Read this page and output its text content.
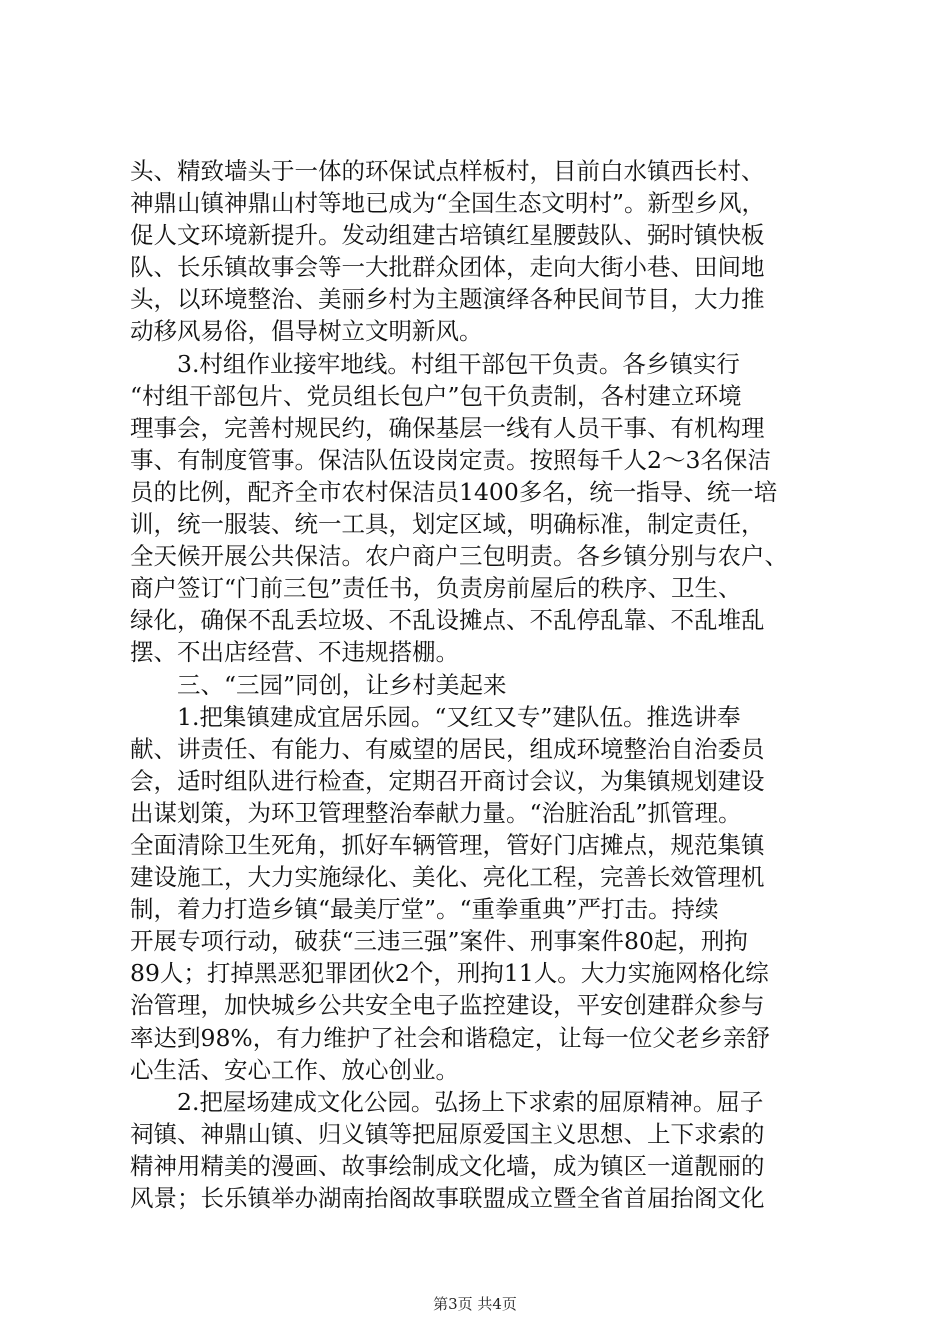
头、精致墙头于一体的环保试点样板村，目前白水镇西长村、
神鼎山镇神鼎山村等地已成为“全国生态文明村”。新型乡风，
促人文环境新提升。发动组建古培镇红星腰鼓队、弼时镇快板
队、长乐镇故事会等一大批群众团体，走向大街小巷、田间地
头，以环境整治、美丽乡村为主题演绎各种民间节目，大力推
动移风易俗，倡导树立文明新风。
3.村组作业接牢地线。村组干部包干负责。各乡镇实行
“村组干部包片、党员组长包户”包干负责制，各村建立环境
理事会，完善村规民约，确保基层一线有人员干事、有机构理
事、有制度管事。保洁队伍设岗定责。按照每千人2～3名保洁
员的比例，配齐全市农村保洁员1400多名，统一指导、统一培
训，统一服装、统一工具，划定区域，明确标准，制定责任，
全天候开展公共保洁。农户商户三包明责。各乡镇分别与农户、
商户签订“门前三包”责任书，负责房前屋后的秩序、卫生、
绿化，确保不乱丢垃圾、不乱设摊点、不乱停乱靠、不乱堆乱
摆、不出店经营、不违规搭棚。
三、“三园”同创，让乡村美起来
1.把集镇建成宜居乐园。“又红又专”建队伍。推选讲奉
献、讲责任、有能力、有威望的居民，组成环境整治自治委员
会，适时组队进行检查，定期召开商讨会议，为集镇规划建设
出谋划策，为环卫管理整治奉献力量。“治脏治乱”抓管理。
全面清除卫生死角，抓好车辆管理，管好门店摊点，规范集镇
建设施工，大力实施绿化、美化、亮化工程，完善长效管理机
制，着力打造乡镇“最美厅堂”。“重拳重典”严打击。持续
开展专项行动，破获“三违三强”案件、刑事案件80起，刑拘
89人；打掉黑恶犯罪团伙2个，刑拘11人。大力实施网格化综
治管理，加快城乡公共安全电子监控建设，平安创建群众参与
率达到98%，有力维护了社会和谐稳定，让每一位父老乡亲舒
心生活、安心工作、放心创业。
2.把屋场建成文化公园。弘扬上下求索的屈原精神。屈子
祠镇、神鼎山镇、归义镇等把屈原爱国主义思想、上下求索的
精神用精美的漫画、故事绘制成文化墙，成为镇区一道靓丽的
风景；长乐镇举办湖南抬阁故事联盟成立暨全省首届抬阁文化
第3页 共4页
